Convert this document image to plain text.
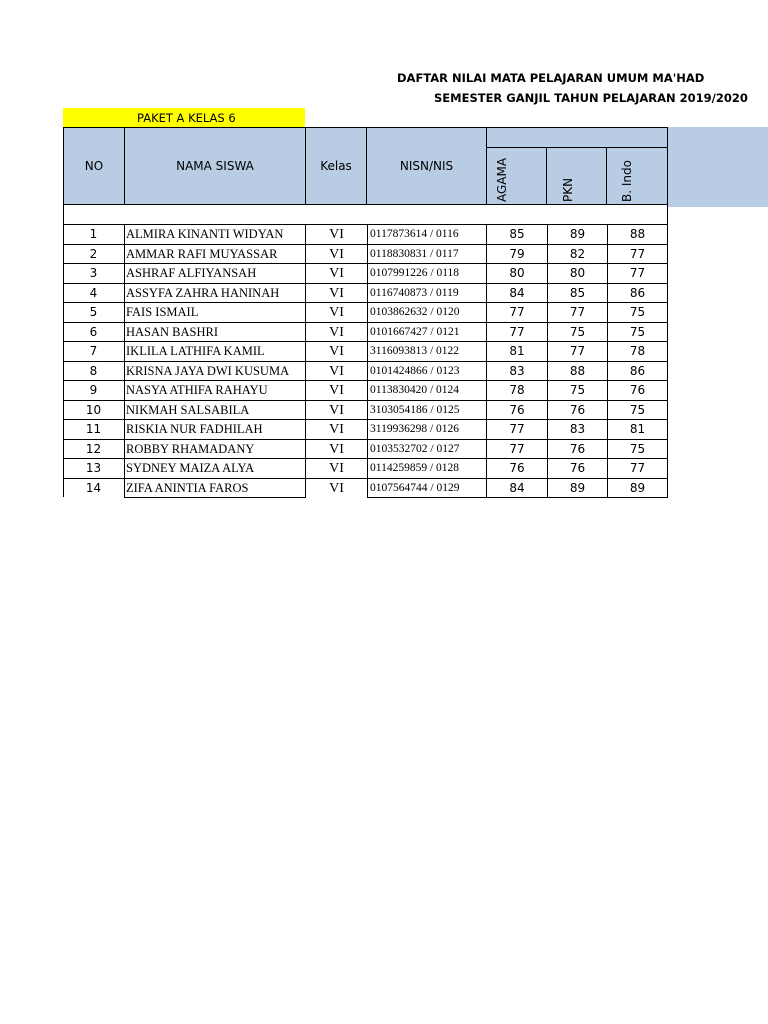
DAFTAR NILAI MATA PELAJARAN UMUM MA'HAD
SEMESTER GANJIL TAHUN PELAJARAN 2019/2020
PAKET A KELAS 6
NO	NAMA SISWA	Kelas	NISN/NIS	AGAMA	PKN	B. Indo
1	ALMIRA KINANTI WIDYAN	VI	0117873614 / 0116	85	89	88
2	AMMAR RAFI MUYASSAR	VI	0118830831 / 0117	79	82	77
3	ASHRAF ALFIYANSAH	VI	0107991226 / 0118	80	80	77
4	ASSYFA ZAHRA HANINAH	VI	0116740873 / 0119	84	85	86
5	FAIS ISMAIL	VI	0103862632 / 0120	77	77	75
6	HASAN BASHRI	VI	0101667427 / 0121	77	75	75
7	IKLILA LATHIFA KAMIL	VI	3116093813 / 0122	81	77	78
8	KRISNA JAYA DWI KUSUMA	VI	0101424866 / 0123	83	88	86
9	NASYA ATHIFA RAHAYU	VI	0113830420 / 0124	78	75	76
10	NIKMAH SALSABILA	VI	3103054186 / 0125	76	76	75
11	RISKIA NUR FADHILAH	VI	3119936298 / 0126	77	83	81
12	ROBBY RHAMADANY	VI	0103532702 / 0127	77	76	75
13	SYDNEY MAIZA ALYA	VI	0114259859 / 0128	76	76	77
14	ZIFA ANINTIA FAROS	VI	0107564744 / 0129	84	89	89
